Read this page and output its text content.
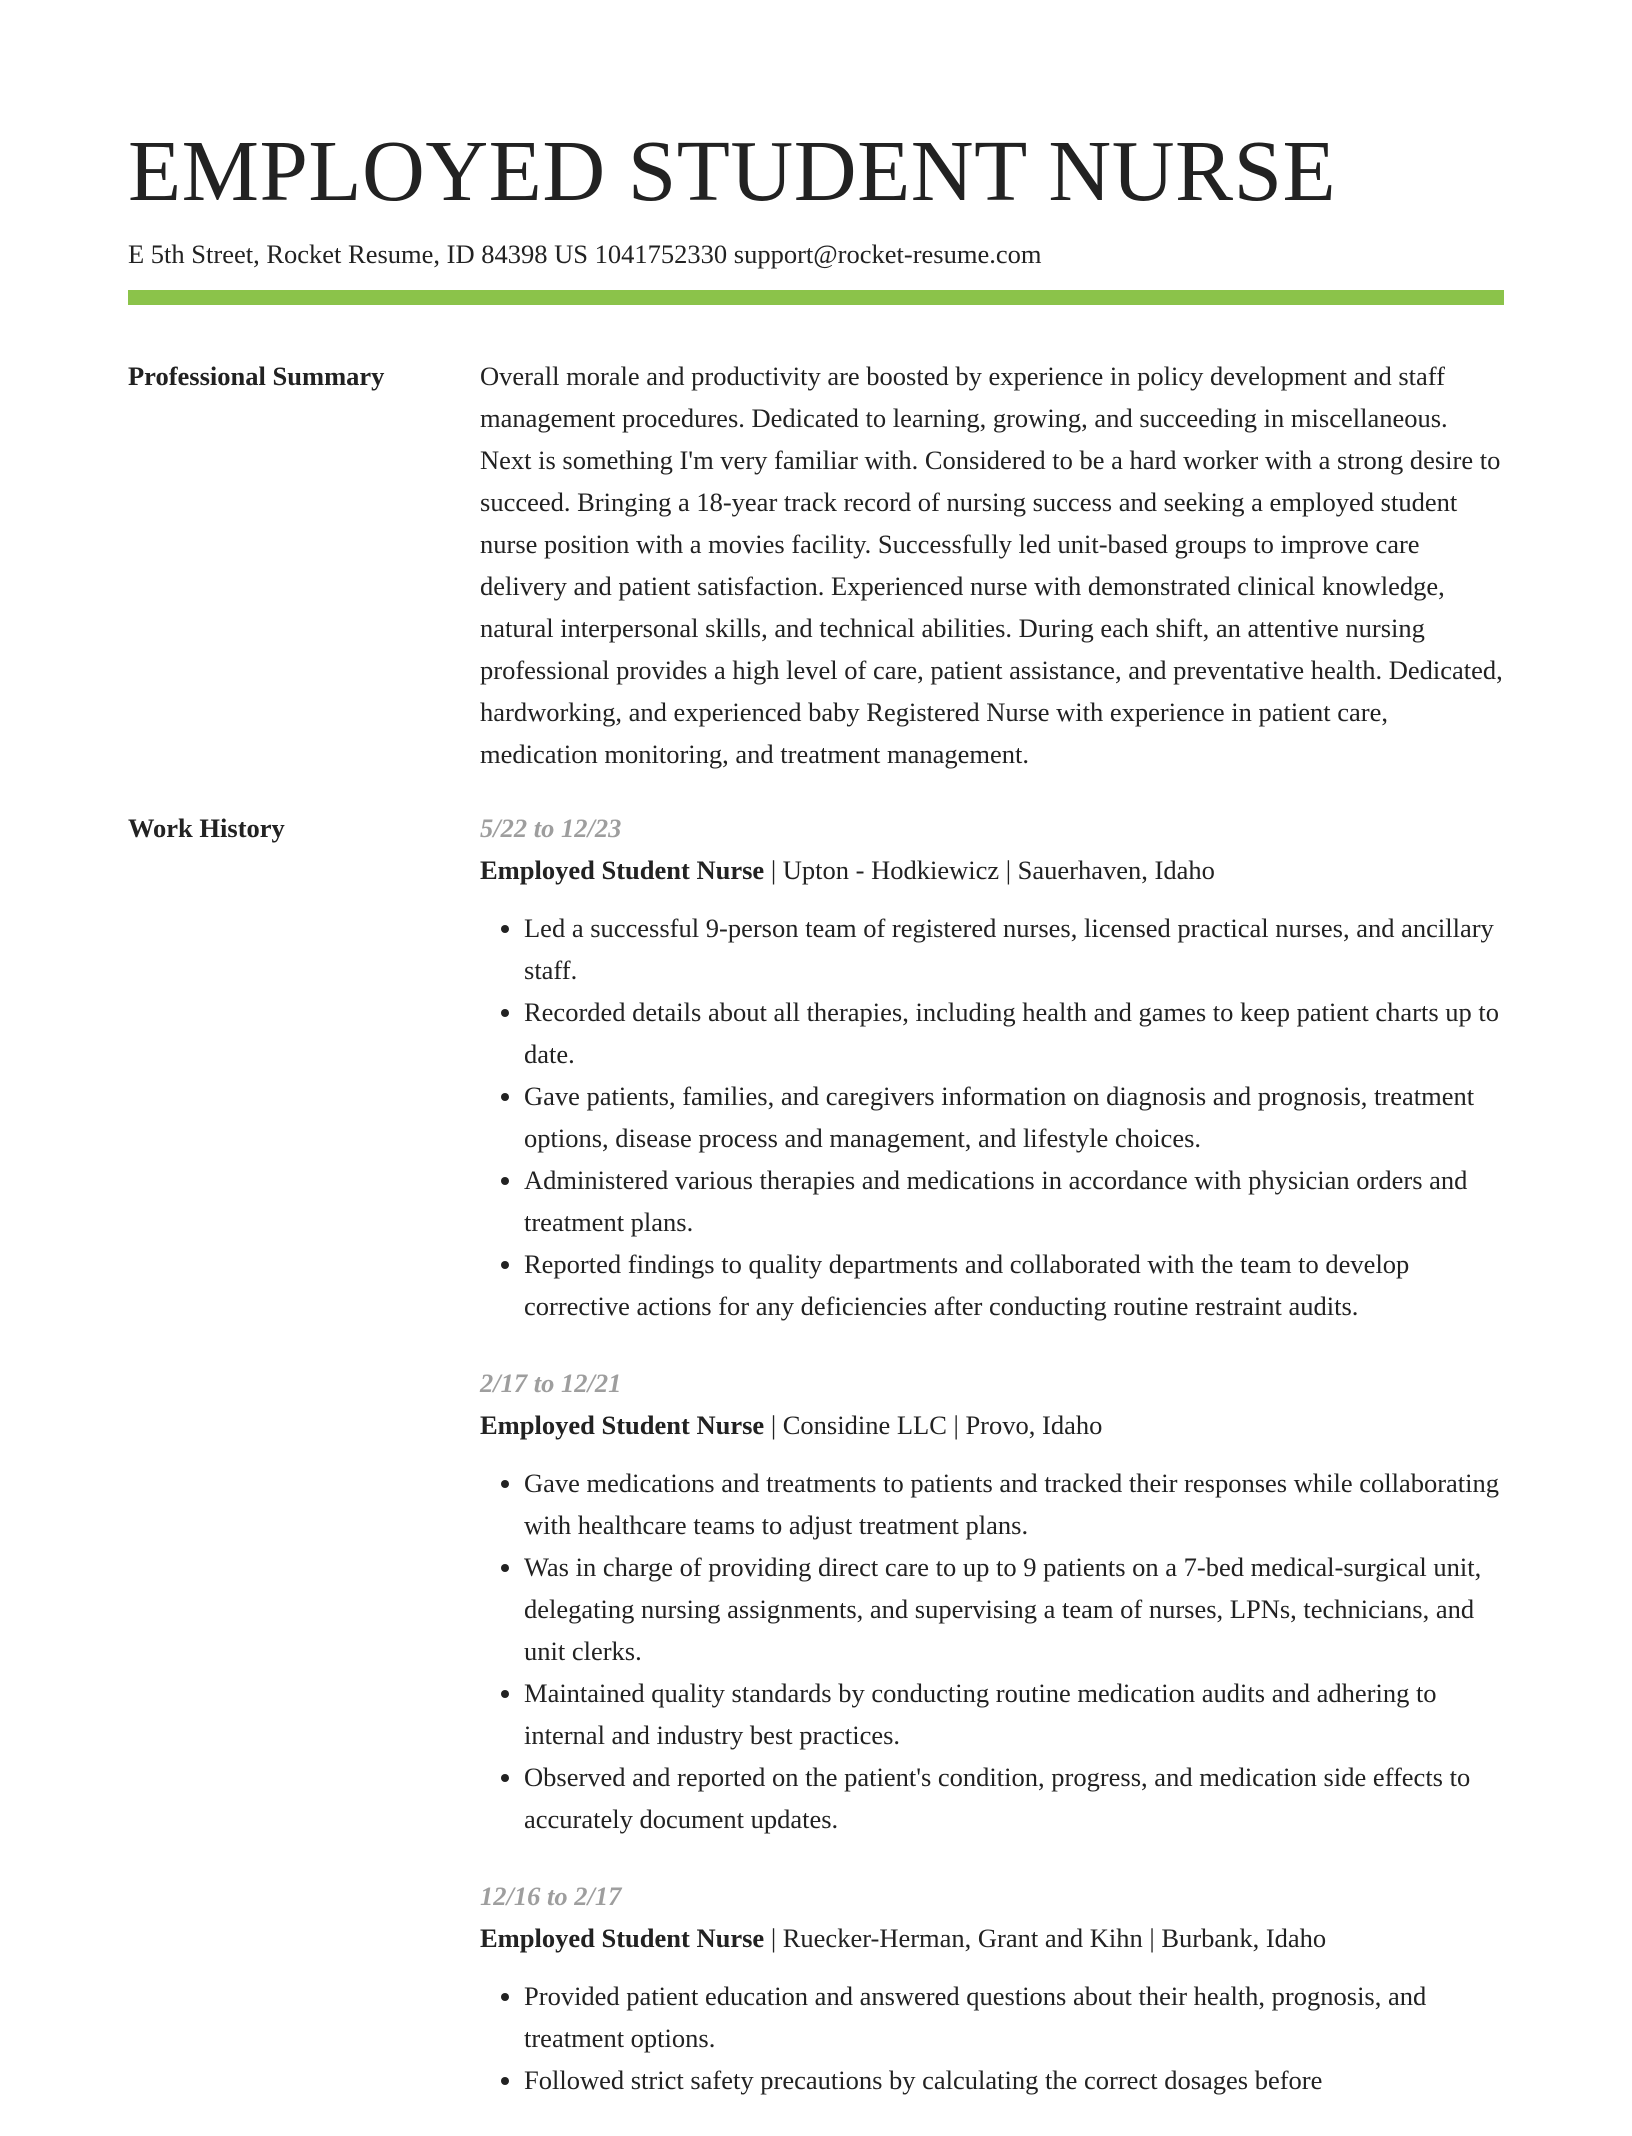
EMPLOYED STUDENT NURSE
E 5th Street, Rocket Resume, ID 84398 US 1041752330 support@rocket-resume.com
Professional Summary	Overall morale and productivity are boosted by experience in policy development and staff management procedures. Dedicated to learning, growing, and succeeding in miscellaneous. Next is something I'm very familiar with. Considered to be a hard worker with a strong desire to succeed. Bringing a 18-year track record of nursing success and seeking a employed student nurse position with a movies facility. Successfully led unit-based groups to improve care delivery and patient satisfaction. Experienced nurse with demonstrated clinical knowledge, natural interpersonal skills, and technical abilities. During each shift, an attentive nursing professional provides a high level of care, patient assistance, and preventative health. Dedicated, hardworking, and experienced baby Registered Nurse with experience in patient care, medication monitoring, and treatment management.
Work History	5/22 to 12/23
Employed Student Nurse | Upton - Hodkiewicz | Sauerhaven, Idaho
• Led a successful 9-person team of registered nurses, licensed practical nurses, and ancillary staff.
• Recorded details about all therapies, including health and games to keep patient charts up to date.
• Gave patients, families, and caregivers information on diagnosis and prognosis, treatment options, disease process and management, and lifestyle choices.
• Administered various therapies and medications in accordance with physician orders and treatment plans.
• Reported findings to quality departments and collaborated with the team to develop corrective actions for any deficiencies after conducting routine restraint audits.
2/17 to 12/21
Employed Student Nurse | Considine LLC | Provo, Idaho
• Gave medications and treatments to patients and tracked their responses while collaborating with healthcare teams to adjust treatment plans.
• Was in charge of providing direct care to up to 9 patients on a 7-bed medical-surgical unit, delegating nursing assignments, and supervising a team of nurses, LPNs, technicians, and unit clerks.
• Maintained quality standards by conducting routine medication audits and adhering to internal and industry best practices.
• Observed and reported on the patient's condition, progress, and medication side effects to accurately document updates.
12/16 to 2/17
Employed Student Nurse | Ruecker-Herman, Grant and Kihn | Burbank, Idaho
• Provided patient education and answered questions about their health, prognosis, and treatment options.
• Followed strict safety precautions by calculating the correct dosages before
